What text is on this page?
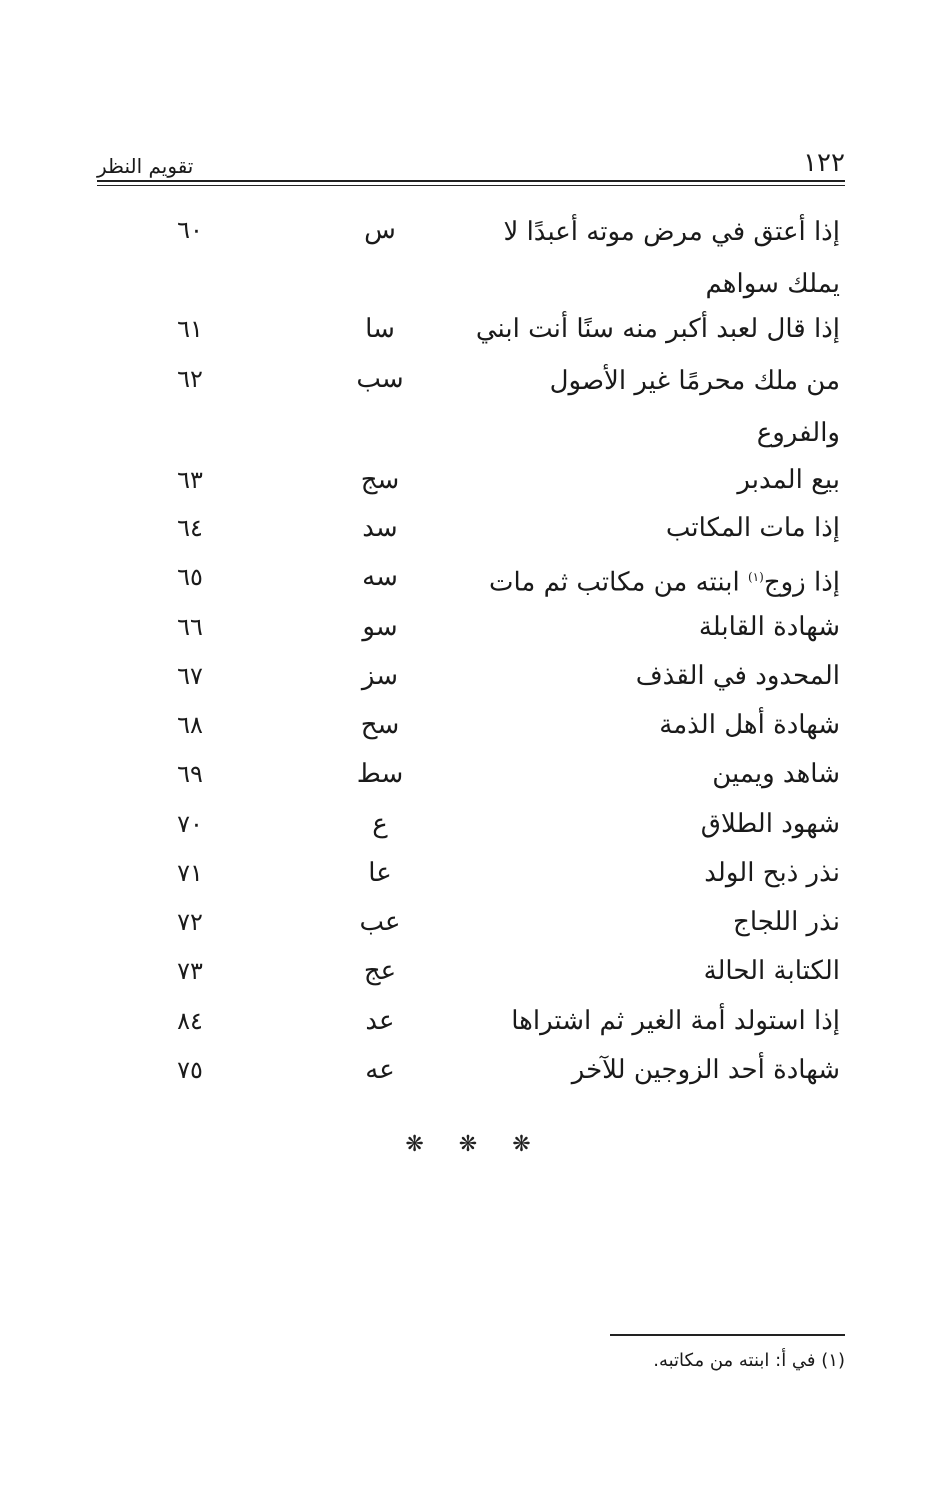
تقويم النظر	١٢٢
إذا أعتق في مرض موته أعبدًا لا يملك سواهم
س
٦٠
إذا قال لعبد أكبر منه سنًا أنت ابني
سا
٦١
من ملك محرمًا غير الأصول والفروع
سب
٦٢
بيع المدبر
سج
٦٣
إذا مات المكاتب
سد
٦٤
إذا زوج$^{(١)}$ ابنته من مكاتب ثم مات
سه
٦٥
شهادة القابلة
سو
٦٦
المحدود في القذف
سز
٦٧
شهادة أهل الذمة
سح
٦٨
شاهد ويمين
سط
٦٩
شهود الطلاق
ع
٧٠
نذر ذبح الولد
عا
٧١
نذر اللجاج
عب
٧٢
الكتابة الحالة
عج
٧٣
إذا استولد أمة الغير ثم اشتراها
عد
٨٤
شهادة أحد الزوجين للآخر
عه
٧٥
❋ ❋ ❋
(١) في أ: ابنته من مكاتبه.
